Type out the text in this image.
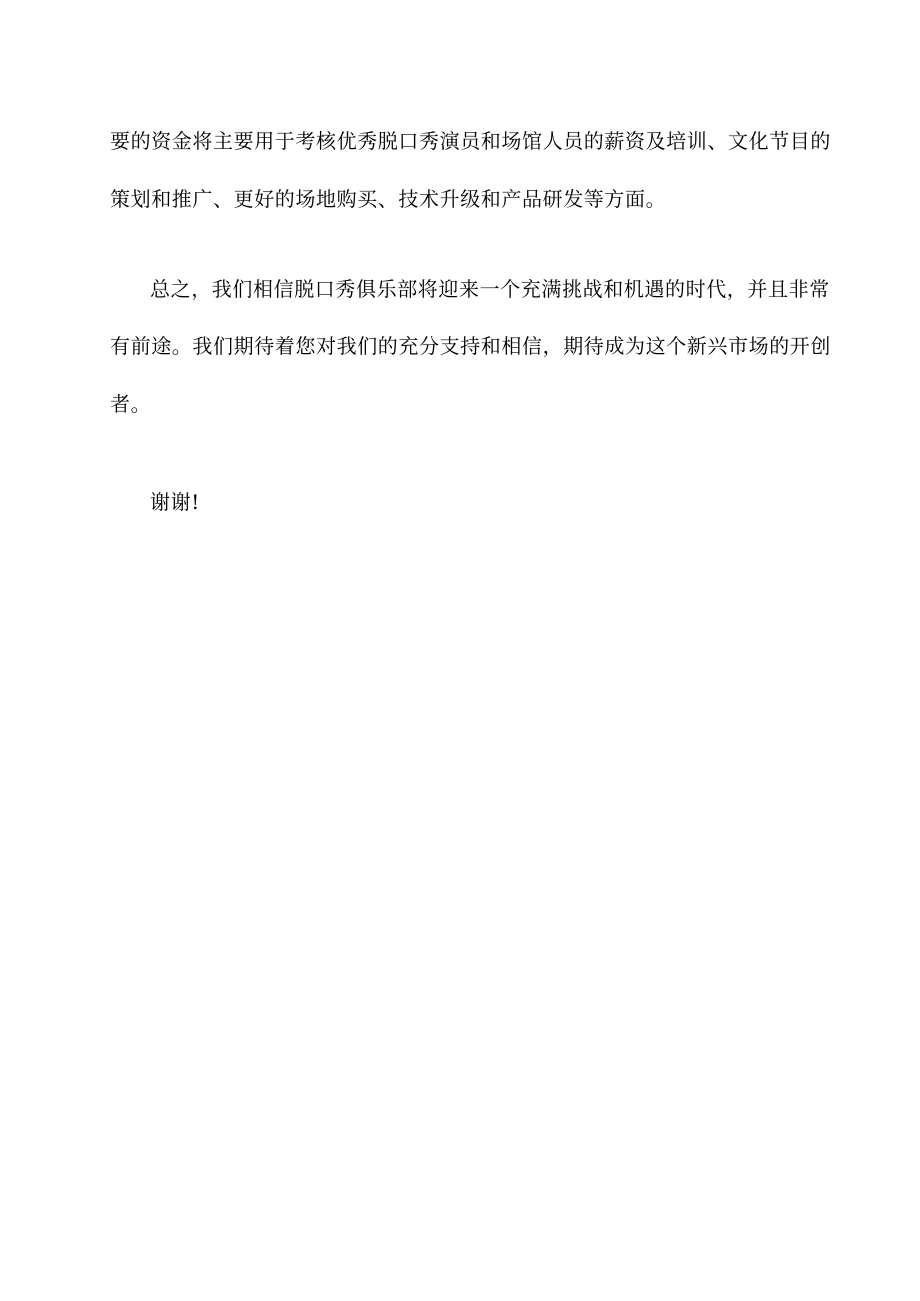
要的资金将主要用于考核优秀脱口秀演员和场馆人员的薪资及培训、文化节目的
策划和推广、更好的场地购买、技术升级和产品研发等方面。
总之，我们相信脱口秀俱乐部将迎来一个充满挑战和机遇的时代，并且非常
有前途。我们期待着您对我们的充分支持和相信，期待成为这个新兴市场的开创
者。
谢谢!
